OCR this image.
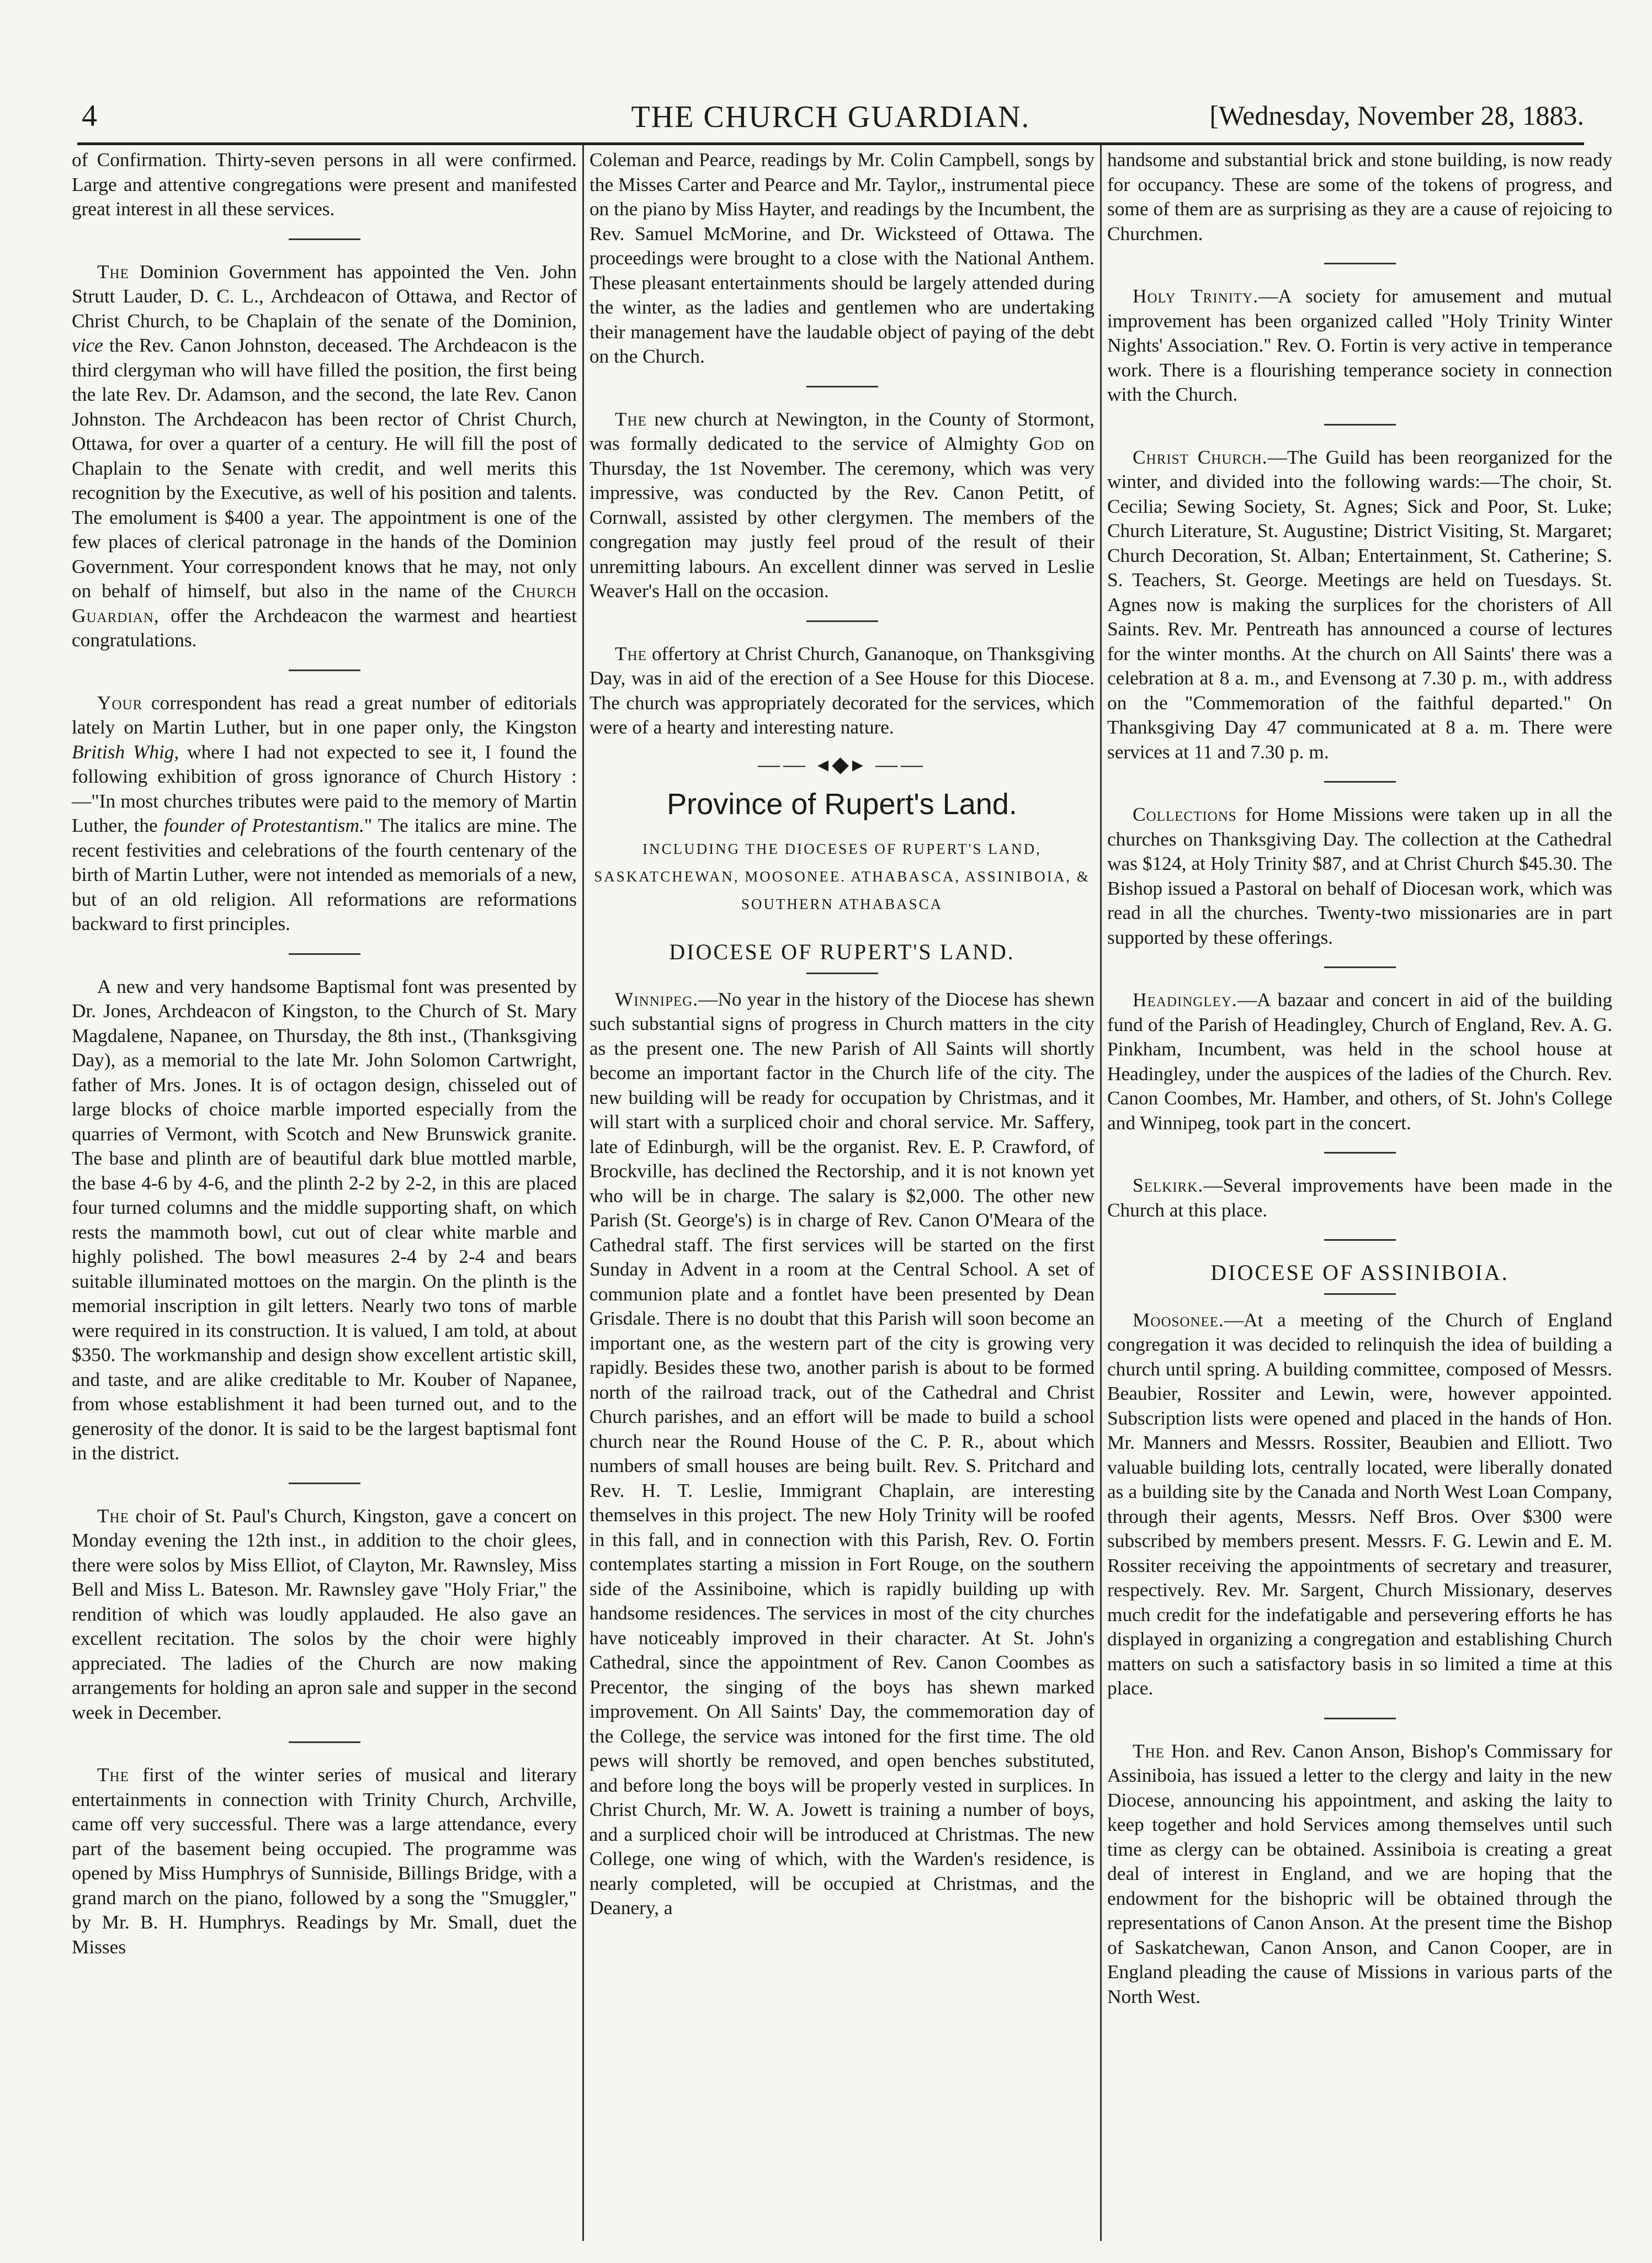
4	THE CHURCH GUARDIAN.	[Wednesday, November 28, 1883.

of Confirmation. Thirty-seven persons in all were confirmed. Large and attentive congregations were present and manifested great interest in all these services.

The Dominion Government has appointed the Ven. John Strutt Lauder, D. C. L., Archdeacon of Ottawa, and Rector of Christ Church, to be Chaplain of the senate of the Dominion, vice the Rev. Canon Johnston, deceased. The Archdeacon is the third clergyman who will have filled the position, the first being the late Rev. Dr. Adamson, and the second, the late Rev. Canon Johnston. The Archdeacon has been rector of Christ Church, Ottawa, for over a quarter of a century. He will fill the post of Chaplain to the Senate with credit, and well merits this recognition by the Executive, as well of his position and talents. The emolument is $400 a year. The appointment is one of the few places of clerical patronage in the hands of the Dominion Government. Your correspondent knows that he may, not only on behalf of himself, but also in the name of the Church Guardian, offer the Archdeacon the warmest and heartiest congratulations.

Your correspondent has read a great number of editorials lately on Martin Luther, but in one paper only, the Kingston British Whig, where I had not expected to see it, I found the following exhibition of gross ignorance of Church History :—"In most churches tributes were paid to the memory of Martin Luther, the founder of Protestantism." The italics are mine. The recent festivities and celebrations of the fourth centenary of the birth of Martin Luther, were not intended as memorials of a new, but of an old religion. All reformations are reformations backward to first principles.

A new and very handsome Baptismal font was presented by Dr. Jones, Archdeacon of Kingston, to the Church of St. Mary Magdalene, Napanee, on Thursday, the 8th inst., (Thanksgiving Day), as a memorial to the late Mr. John Solomon Cartwright, father of Mrs. Jones. It is of octagon design, chisseled out of large blocks of choice marble imported especially from the quarries of Vermont, with Scotch and New Brunswick granite. The base and plinth are of beautiful dark blue mottled marble, the base 4-6 by 4-6, and the plinth 2-2 by 2-2, in this are placed four turned columns and the middle supporting shaft, on which rests the mammoth bowl, cut out of clear white marble and highly polished. The bowl measures 2-4 by 2-4 and bears suitable illuminated mottoes on the margin. On the plinth is the memorial inscription in gilt letters. Nearly two tons of marble were required in its construction. It is valued, I am told, at about $350. The workmanship and design show excellent artistic skill, and taste, and are alike creditable to Mr. Kouber of Napanee, from whose establishment it had been turned out, and to the generosity of the donor. It is said to be the largest baptismal font in the district.

The choir of St. Paul's Church, Kingston, gave a concert on Monday evening the 12th inst., in addition to the choir glees, there were solos by Miss Elliot, of Clayton, Mr. Rawnsley, Miss Bell and Miss L. Bateson. Mr. Rawnsley gave "Holy Friar," the rendition of which was loudly applauded. He also gave an excellent recitation. The solos by the choir were highly appreciated. The ladies of the Church are now making arrangements for holding an apron sale and supper in the second week in December.

The first of the winter series of musical and literary entertainments in connection with Trinity Church, Archville, came off very successful. There was a large attendance, every part of the basement being occupied. The programme was opened by Miss Humphrys of Sunniside, Billings Bridge, with a grand march on the piano, followed by a song the "Smuggler," by Mr. B. H. Humphrys. Readings by Mr. Small, duet the Misses

Coleman and Pearce, readings by Mr. Colin Campbell, songs by the Misses Carter and Pearce and Mr. Taylor,, instrumental piece on the piano by Miss Hayter, and readings by the Incumbent, the Rev. Samuel McMorine, and Dr. Wicksteed of Ottawa. The proceedings were brought to a close with the National Anthem. These pleasant entertainments should be largely attended during the winter, as the ladies and gentlemen who are undertaking their management have the laudable object of paying of the debt on the Church.

The new church at Newington, in the County of Stormont, was formally dedicated to the service of Almighty God on Thursday, the 1st November. The ceremony, which was very impressive, was conducted by the Rev. Canon Petitt, of Cornwall, assisted by other clergymen. The members of the congregation may justly feel proud of the result of their unremitting labours. An excellent dinner was served in Leslie Weaver's Hall on the occasion.

The offertory at Christ Church, Gananoque, on Thanksgiving Day, was in aid of the erection of a See House for this Diocese. The church was appropriately decorated for the services, which were of a hearty and interesting nature.

—— ◂◆▸ ——
Province of Rupert's Land.
INCLUDING THE DIOCESES OF RUPERT'S LAND, SASKATCHEWAN, MOOSONEE. ATHABASCA, ASSINIBOIA, & SOUTHERN ATHABASCA
DIOCESE OF RUPERT'S LAND.

Winnipeg.—No year in the history of the Diocese has shewn such substantial signs of progress in Church matters in the city as the present one. The new Parish of All Saints will shortly become an important factor in the Church life of the city. The new building will be ready for occupation by Christmas, and it will start with a surpliced choir and choral service. Mr. Saffery, late of Edinburgh, will be the organist. Rev. E. P. Crawford, of Brockville, has declined the Rectorship, and it is not known yet who will be in charge. The salary is $2,000. The other new Parish (St. George's) is in charge of Rev. Canon O'Meara of the Cathedral staff. The first services will be started on the first Sunday in Advent in a room at the Central School. A set of communion plate and a fontlet have been presented by Dean Grisdale. There is no doubt that this Parish will soon become an important one, as the western part of the city is growing very rapidly. Besides these two, another parish is about to be formed north of the railroad track, out of the Cathedral and Christ Church parishes, and an effort will be made to build a school church near the Round House of the C. P. R., about which numbers of small houses are being built. Rev. S. Pritchard and Rev. H. T. Leslie, Immigrant Chaplain, are interesting themselves in this project. The new Holy Trinity will be roofed in this fall, and in connection with this Parish, Rev. O. Fortin contemplates starting a mission in Fort Rouge, on the southern side of the Assiniboine, which is rapidly building up with handsome residences. The services in most of the city churches have noticeably improved in their character. At St. John's Cathedral, since the appointment of Rev. Canon Coombes as Precentor, the singing of the boys has shewn marked improvement. On All Saints' Day, the commemoration day of the College, the service was intoned for the first time. The old pews will shortly be removed, and open benches substituted, and before long the boys will be properly vested in surplices. In Christ Church, Mr. W. A. Jowett is training a number of boys, and a surpliced choir will be introduced at Christmas. The new College, one wing of which, with the Warden's residence, is nearly completed, will be occupied at Christmas, and the Deanery, a

handsome and substantial brick and stone building, is now ready for occupancy. These are some of the tokens of progress, and some of them are as surprising as they are a cause of rejoicing to Churchmen.

Holy Trinity.—A society for amusement and mutual improvement has been organized called "Holy Trinity Winter Nights' Association." Rev. O. Fortin is very active in temperance work. There is a flourishing temperance society in connection with the Church.

Christ Church.—The Guild has been reorganized for the winter, and divided into the following wards:—The choir, St. Cecilia; Sewing Society, St. Agnes; Sick and Poor, St. Luke; Church Literature, St. Augustine; District Visiting, St. Margaret; Church Decoration, St. Alban; Entertainment, St. Catherine; S. S. Teachers, St. George. Meetings are held on Tuesdays. St. Agnes now is making the surplices for the choristers of All Saints. Rev. Mr. Pentreath has announced a course of lectures for the winter months. At the church on All Saints' there was a celebration at 8 a. m., and Evensong at 7.30 p. m., with address on the "Commemoration of the faithful departed." On Thanksgiving Day 47 communicated at 8 a. m. There were services at 11 and 7.30 p. m.

Collections for Home Missions were taken up in all the churches on Thanksgiving Day. The collection at the Cathedral was $124, at Holy Trinity $87, and at Christ Church $45.30. The Bishop issued a Pastoral on behalf of Diocesan work, which was read in all the churches. Twenty-two missionaries are in part supported by these offerings.

Headingley.—A bazaar and concert in aid of the building fund of the Parish of Headingley, Church of England, Rev. A. G. Pinkham, Incumbent, was held in the school house at Headingley, under the auspices of the ladies of the Church. Rev. Canon Coombes, Mr. Hamber, and others, of St. John's College and Winnipeg, took part in the concert.

Selkirk.—Several improvements have been made in the Church at this place.

DIOCESE OF ASSINIBOIA.

Moosonee.—At a meeting of the Church of England congregation it was decided to relinquish the idea of building a church until spring. A building committee, composed of Messrs. Beaubier, Rossiter and Lewin, were, however appointed. Subscription lists were opened and placed in the hands of Hon. Mr. Manners and Messrs. Rossiter, Beaubien and Elliott. Two valuable building lots, centrally located, were liberally donated as a building site by the Canada and North West Loan Company, through their agents, Messrs. Neff Bros. Over $300 were subscribed by members present. Messrs. F. G. Lewin and E. M. Rossiter receiving the appointments of secretary and treasurer, respectively. Rev. Mr. Sargent, Church Missionary, deserves much credit for the indefatigable and persevering efforts he has displayed in organizing a congregation and establishing Church matters on such a satisfactory basis in so limited a time at this place.

The Hon. and Rev. Canon Anson, Bishop's Commissary for Assiniboia, has issued a letter to the clergy and laity in the new Diocese, announcing his appointment, and asking the laity to keep together and hold Services among themselves until such time as clergy can be obtained. Assiniboia is creating a great deal of interest in England, and we are hoping that the endowment for the bishopric will be obtained through the representations of Canon Anson. At the present time the Bishop of Saskatchewan, Canon Anson, and Canon Cooper, are in England pleading the cause of Missions in various parts of the North West.
